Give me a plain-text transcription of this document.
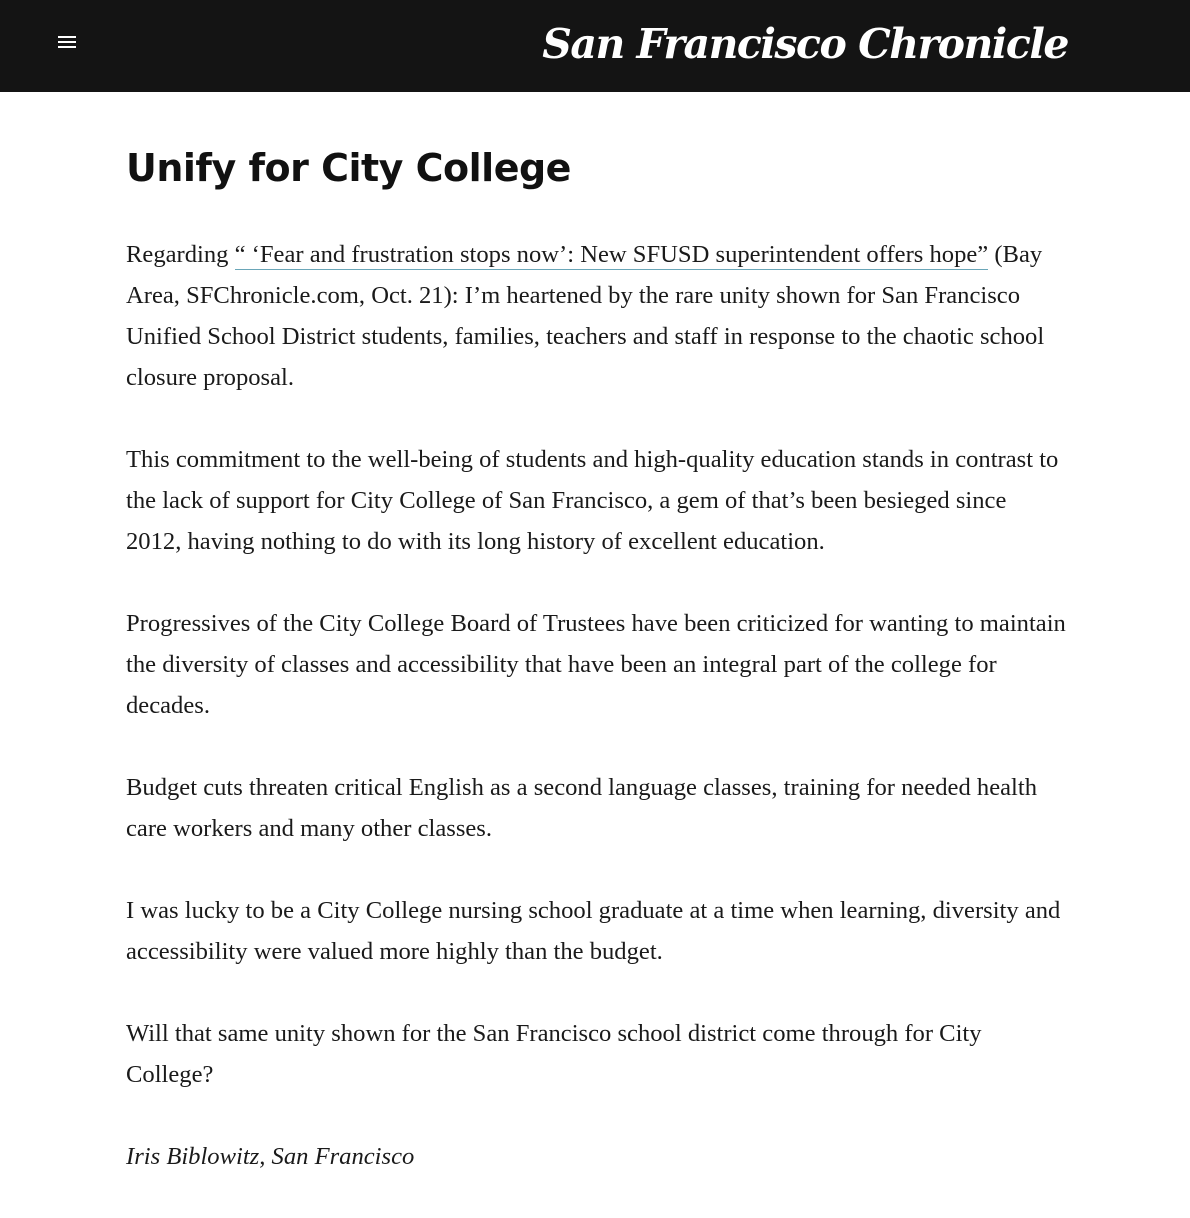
San Francisco Chronicle
Unify for City College

Regarding “ ‘Fear and frustration stops now’: New SFUSD superintendent offers hope” (Bay Area, SFChronicle.com, Oct. 21): I’m heartened by the rare unity shown for San Francisco Unified School District students, families, teachers and staff in response to the chaotic school closure proposal.

This commitment to the well-being of students and high-quality education stands in contrast to the lack of support for City College of San Francisco, a gem of that’s been besieged since 2012, having nothing to do with its long history of excellent education.

Progressives of the City College Board of Trustees have been criticized for wanting to maintain the diversity of classes and accessibility that have been an integral part of the college for decades.

Budget cuts threaten critical English as a second language classes, training for needed health care workers and many other classes.

I was lucky to be a City College nursing school graduate at a time when learning, diversity and accessibility were valued more highly than the budget.

Will that same unity shown for the San Francisco school district come through for City College?

Iris Biblowitz, San Francisco
